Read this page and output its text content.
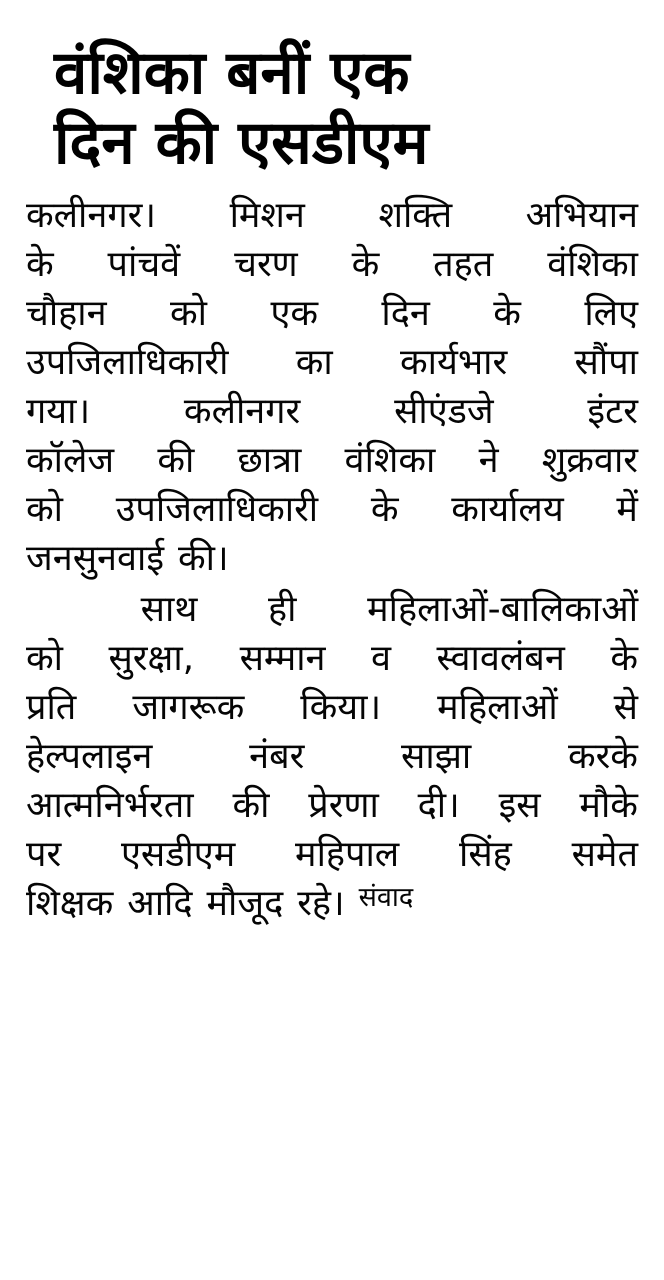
वंशिका बनीं एक
दिन की एसडीएम

कलीनगर। मिशन शक्ति अभियान
के पांचवें चरण के तहत वंशिका
चौहान को एक दिन के लिए
उपजिलाधिकारी का कार्यभार सौंपा
गया।	कलीनगर	सीएंडजे	इंटर
कॉलेज की छात्रा वंशिका ने शुक्रवार
को उपजिलाधिकारी के कार्यालय में
जनसुनवाई की।

साथ ही महिलाओं-बालिकाओं
को सुरक्षा, सम्मान व स्वावलंबन के
प्रति जागरूक किया। महिलाओं से
हेल्पलाइन	नंबर	साझा	करके
आत्मनिर्भरता की प्रेरणा दी। इस मौके
पर एसडीएम महिपाल सिंह समेत
शिक्षक आदि मौजूद रहे। संवाद
